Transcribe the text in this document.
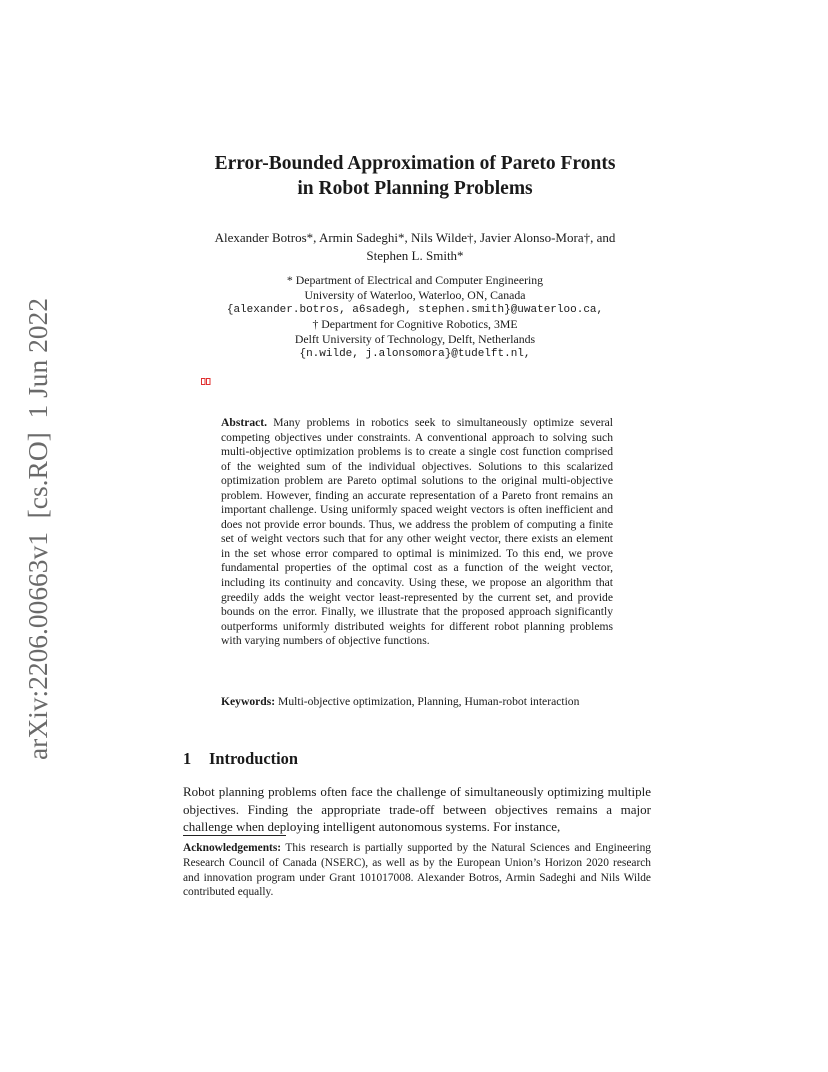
arXiv:2206.00663v1  [cs.RO]  1 Jun 2022
Error-Bounded Approximation of Pareto Fronts
in Robot Planning Problems
Alexander Botros*, Armin Sadeghi*, Nils Wilde†, Javier Alonso-Mora†, and
Stephen L. Smith*
* Department of Electrical and Computer Engineering
University of Waterloo, Waterloo, ON, Canada
{alexander.botros, a6sadegh, stephen.smith}@uwaterloo.ca,
† Department for Cognitive Robotics, 3ME
Delft University of Technology, Delft, Netherlands
{n.wilde, j.alonsomora}@tudelft.nl,
Abstract. Many problems in robotics seek to simultaneously optimize several competing objectives under constraints. A conventional approach to solving such multi-objective optimization problems is to create a single cost function comprised of the weighted sum of the individual objectives. Solutions to this scalarized optimization problem are Pareto optimal solutions to the original multi-objective problem. However, finding an accurate representation of a Pareto front remains an important challenge. Using uniformly spaced weight vectors is often inefficient and does not provide error bounds. Thus, we address the problem of computing a finite set of weight vectors such that for any other weight vector, there exists an element in the set whose error compared to optimal is minimized. To this end, we prove fundamental properties of the optimal cost as a function of the weight vector, including its continuity and concavity. Using these, we propose an algorithm that greedily adds the weight vector least-represented by the current set, and provide bounds on the error. Finally, we illustrate that the proposed approach significantly outperforms uniformly distributed weights for different robot planning problems with varying numbers of objective functions.
Keywords: Multi-objective optimization, Planning, Human-robot interaction
1 Introduction
Robot planning problems often face the challenge of simultaneously optimizing multiple objectives. Finding the appropriate trade-off between objectives remains a major challenge when deploying intelligent autonomous systems. For instance,
Acknowledgements: This research is partially supported by the Natural Sciences and Engineering Research Council of Canada (NSERC), as well as by the European Union’s Horizon 2020 research and innovation program under Grant 101017008. Alexander Botros, Armin Sadeghi and Nils Wilde contributed equally.
